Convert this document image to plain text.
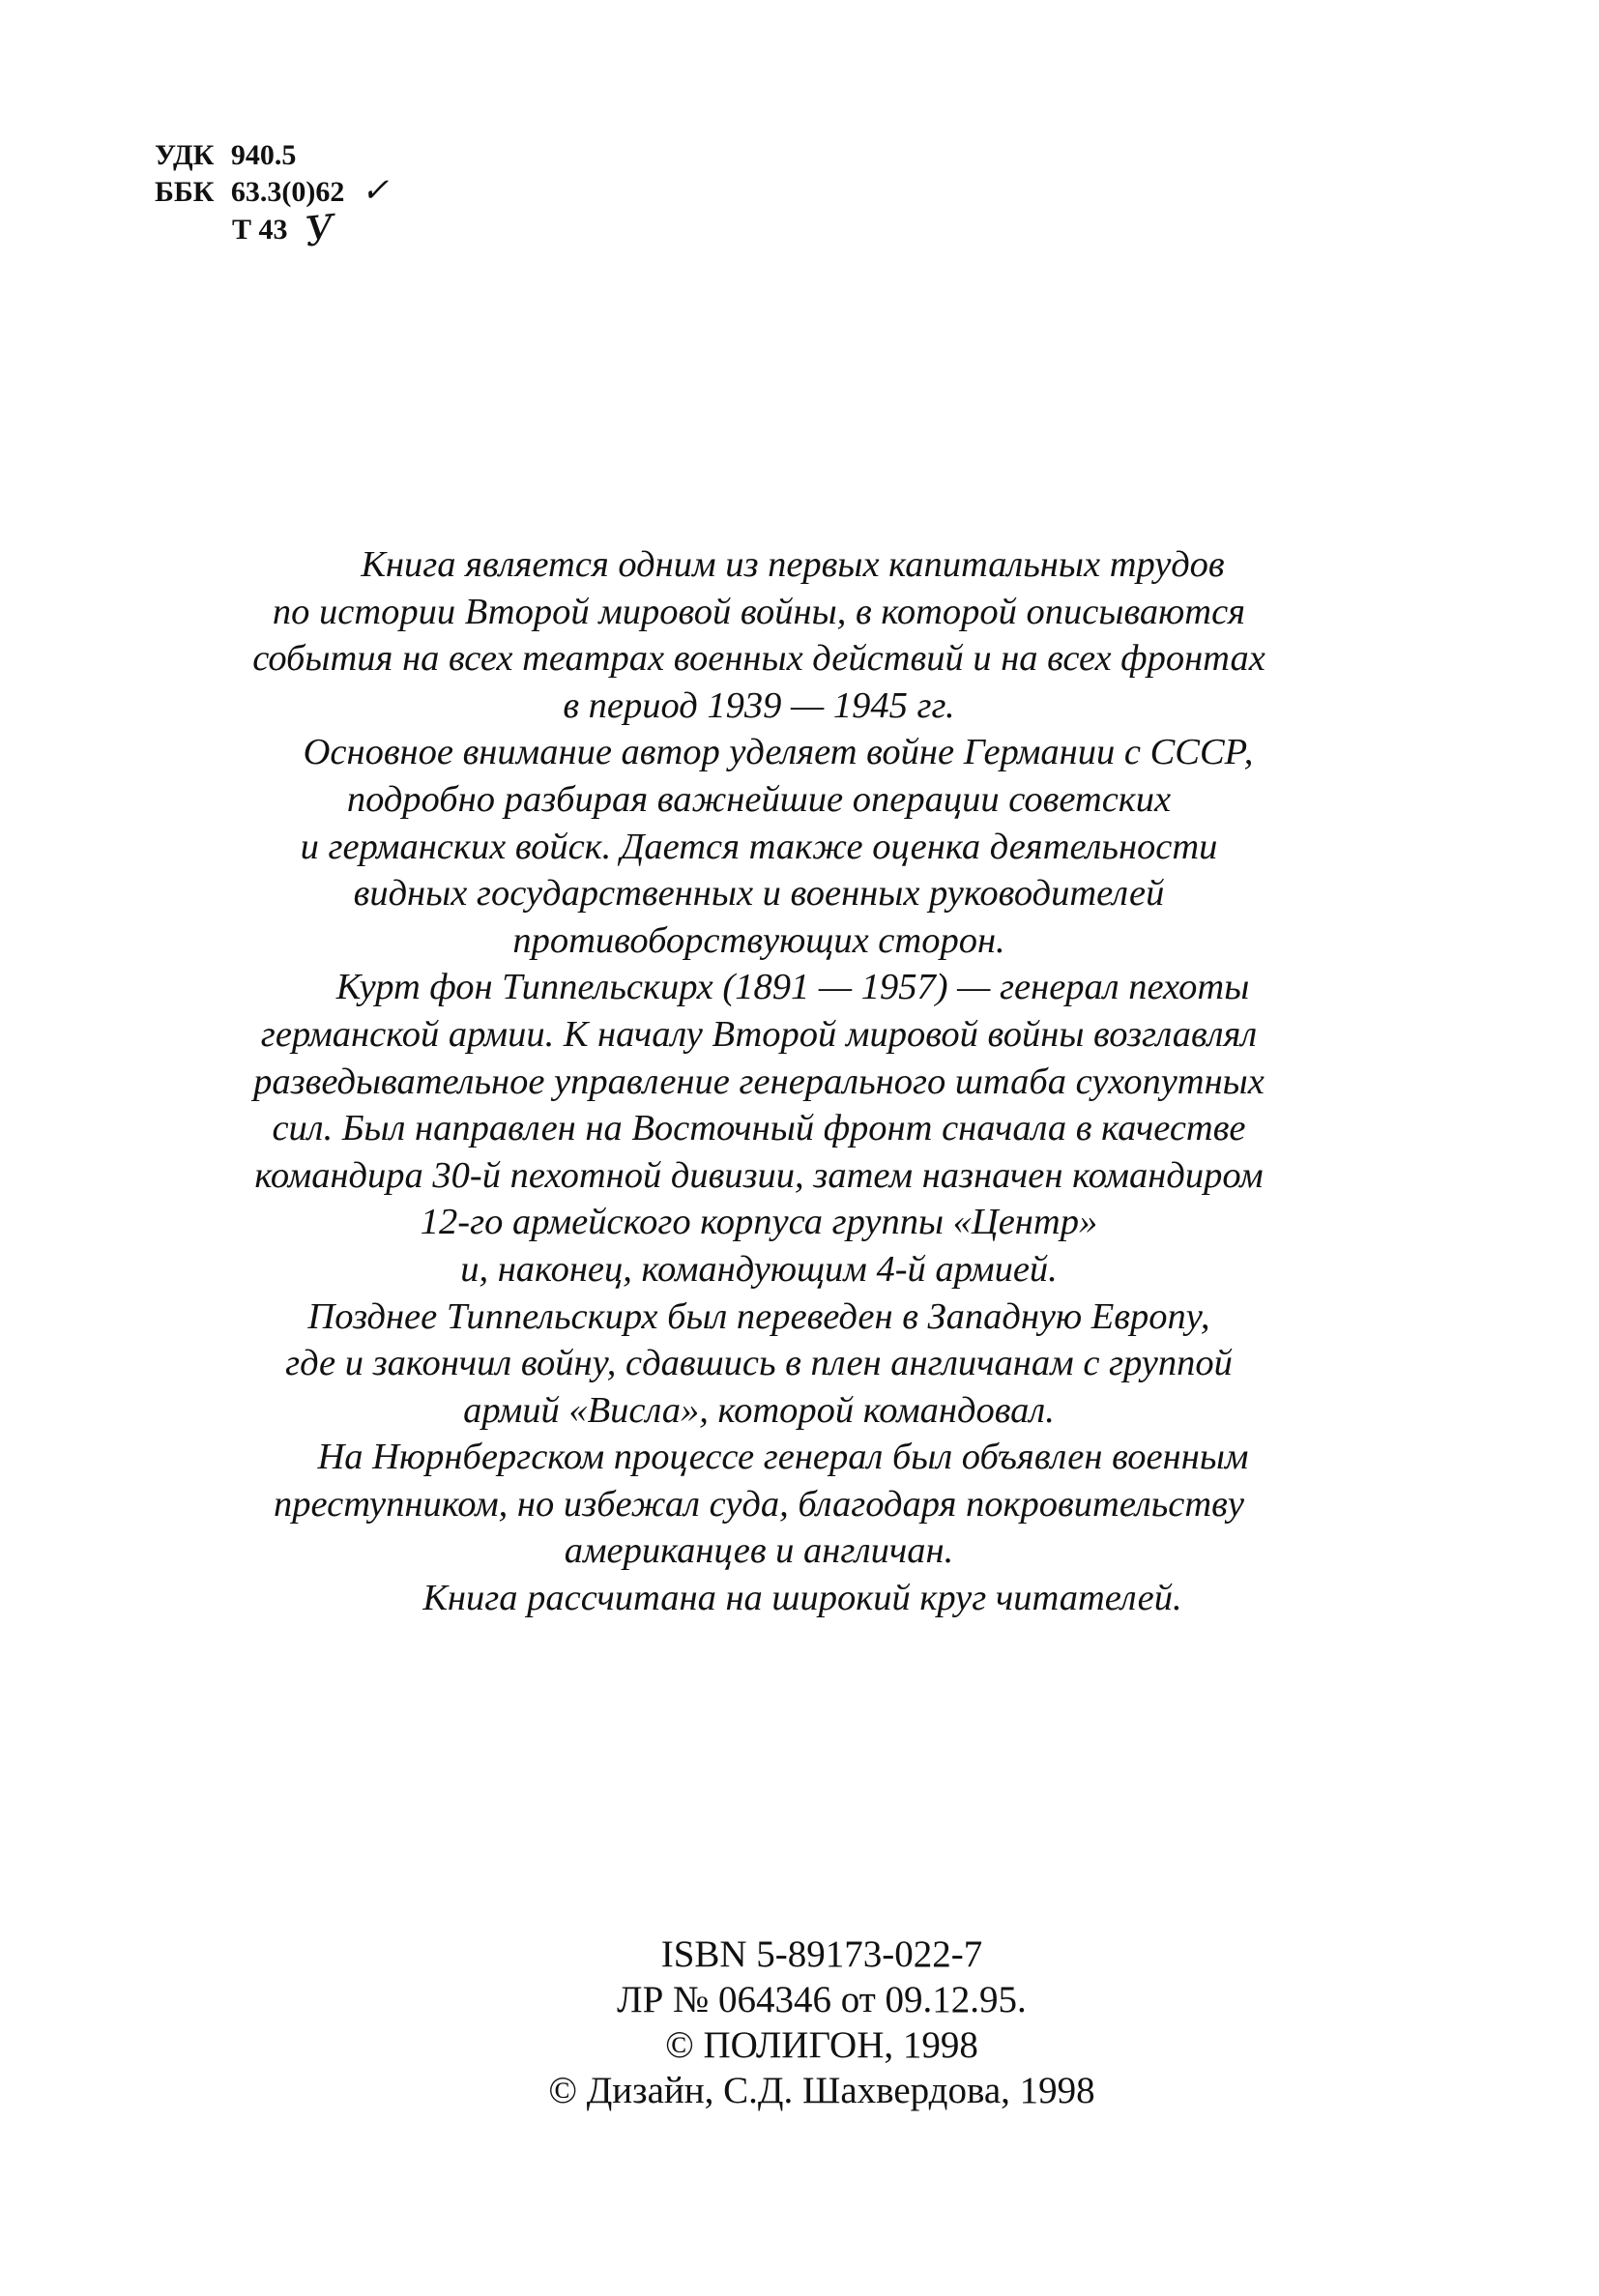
УДК 940.5
ББК 63.3(0)62 ✓
Т 43 У
Книга является одним из первых капитальных трудов
по истории Второй мировой войны, в которой описываются
события на всех театрах военных действий и на всех фронтах
в период 1939 — 1945 гг.
Основное внимание автор уделяет войне Германии с СССР,
подробно разбирая важнейшие операции советских
и германских войск. Дается также оценка деятельности
видных государственных и военных руководителей
противоборствующих сторон.
Курт фон Типпельскирх (1891 — 1957) — генерал пехоты
германской армии. К началу Второй мировой войны возглавлял
разведывательное управление генерального штаба сухопутных
сил. Был направлен на Восточный фронт сначала в качестве
командира 30-й пехотной дивизии, затем назначен командиром
12-го армейского корпуса группы «Центр»
и, наконец, командующим 4-й армией.
Позднее Типпельскирх был переведен в Западную Европу,
где и закончил войну, сдавшись в плен англичанам с группой
армий «Висла», которой командовал.
На Нюрнбергском процессе генерал был объявлен военным
преступником, но избежал суда, благодаря покровительству
американцев и англичан.
Книга рассчитана на широкий круг читателей.
ISBN 5-89173-022-7
ЛР № 064346 от 09.12.95.
© ПОЛИГОН, 1998
© Дизайн, С.Д. Шахвердова, 1998
